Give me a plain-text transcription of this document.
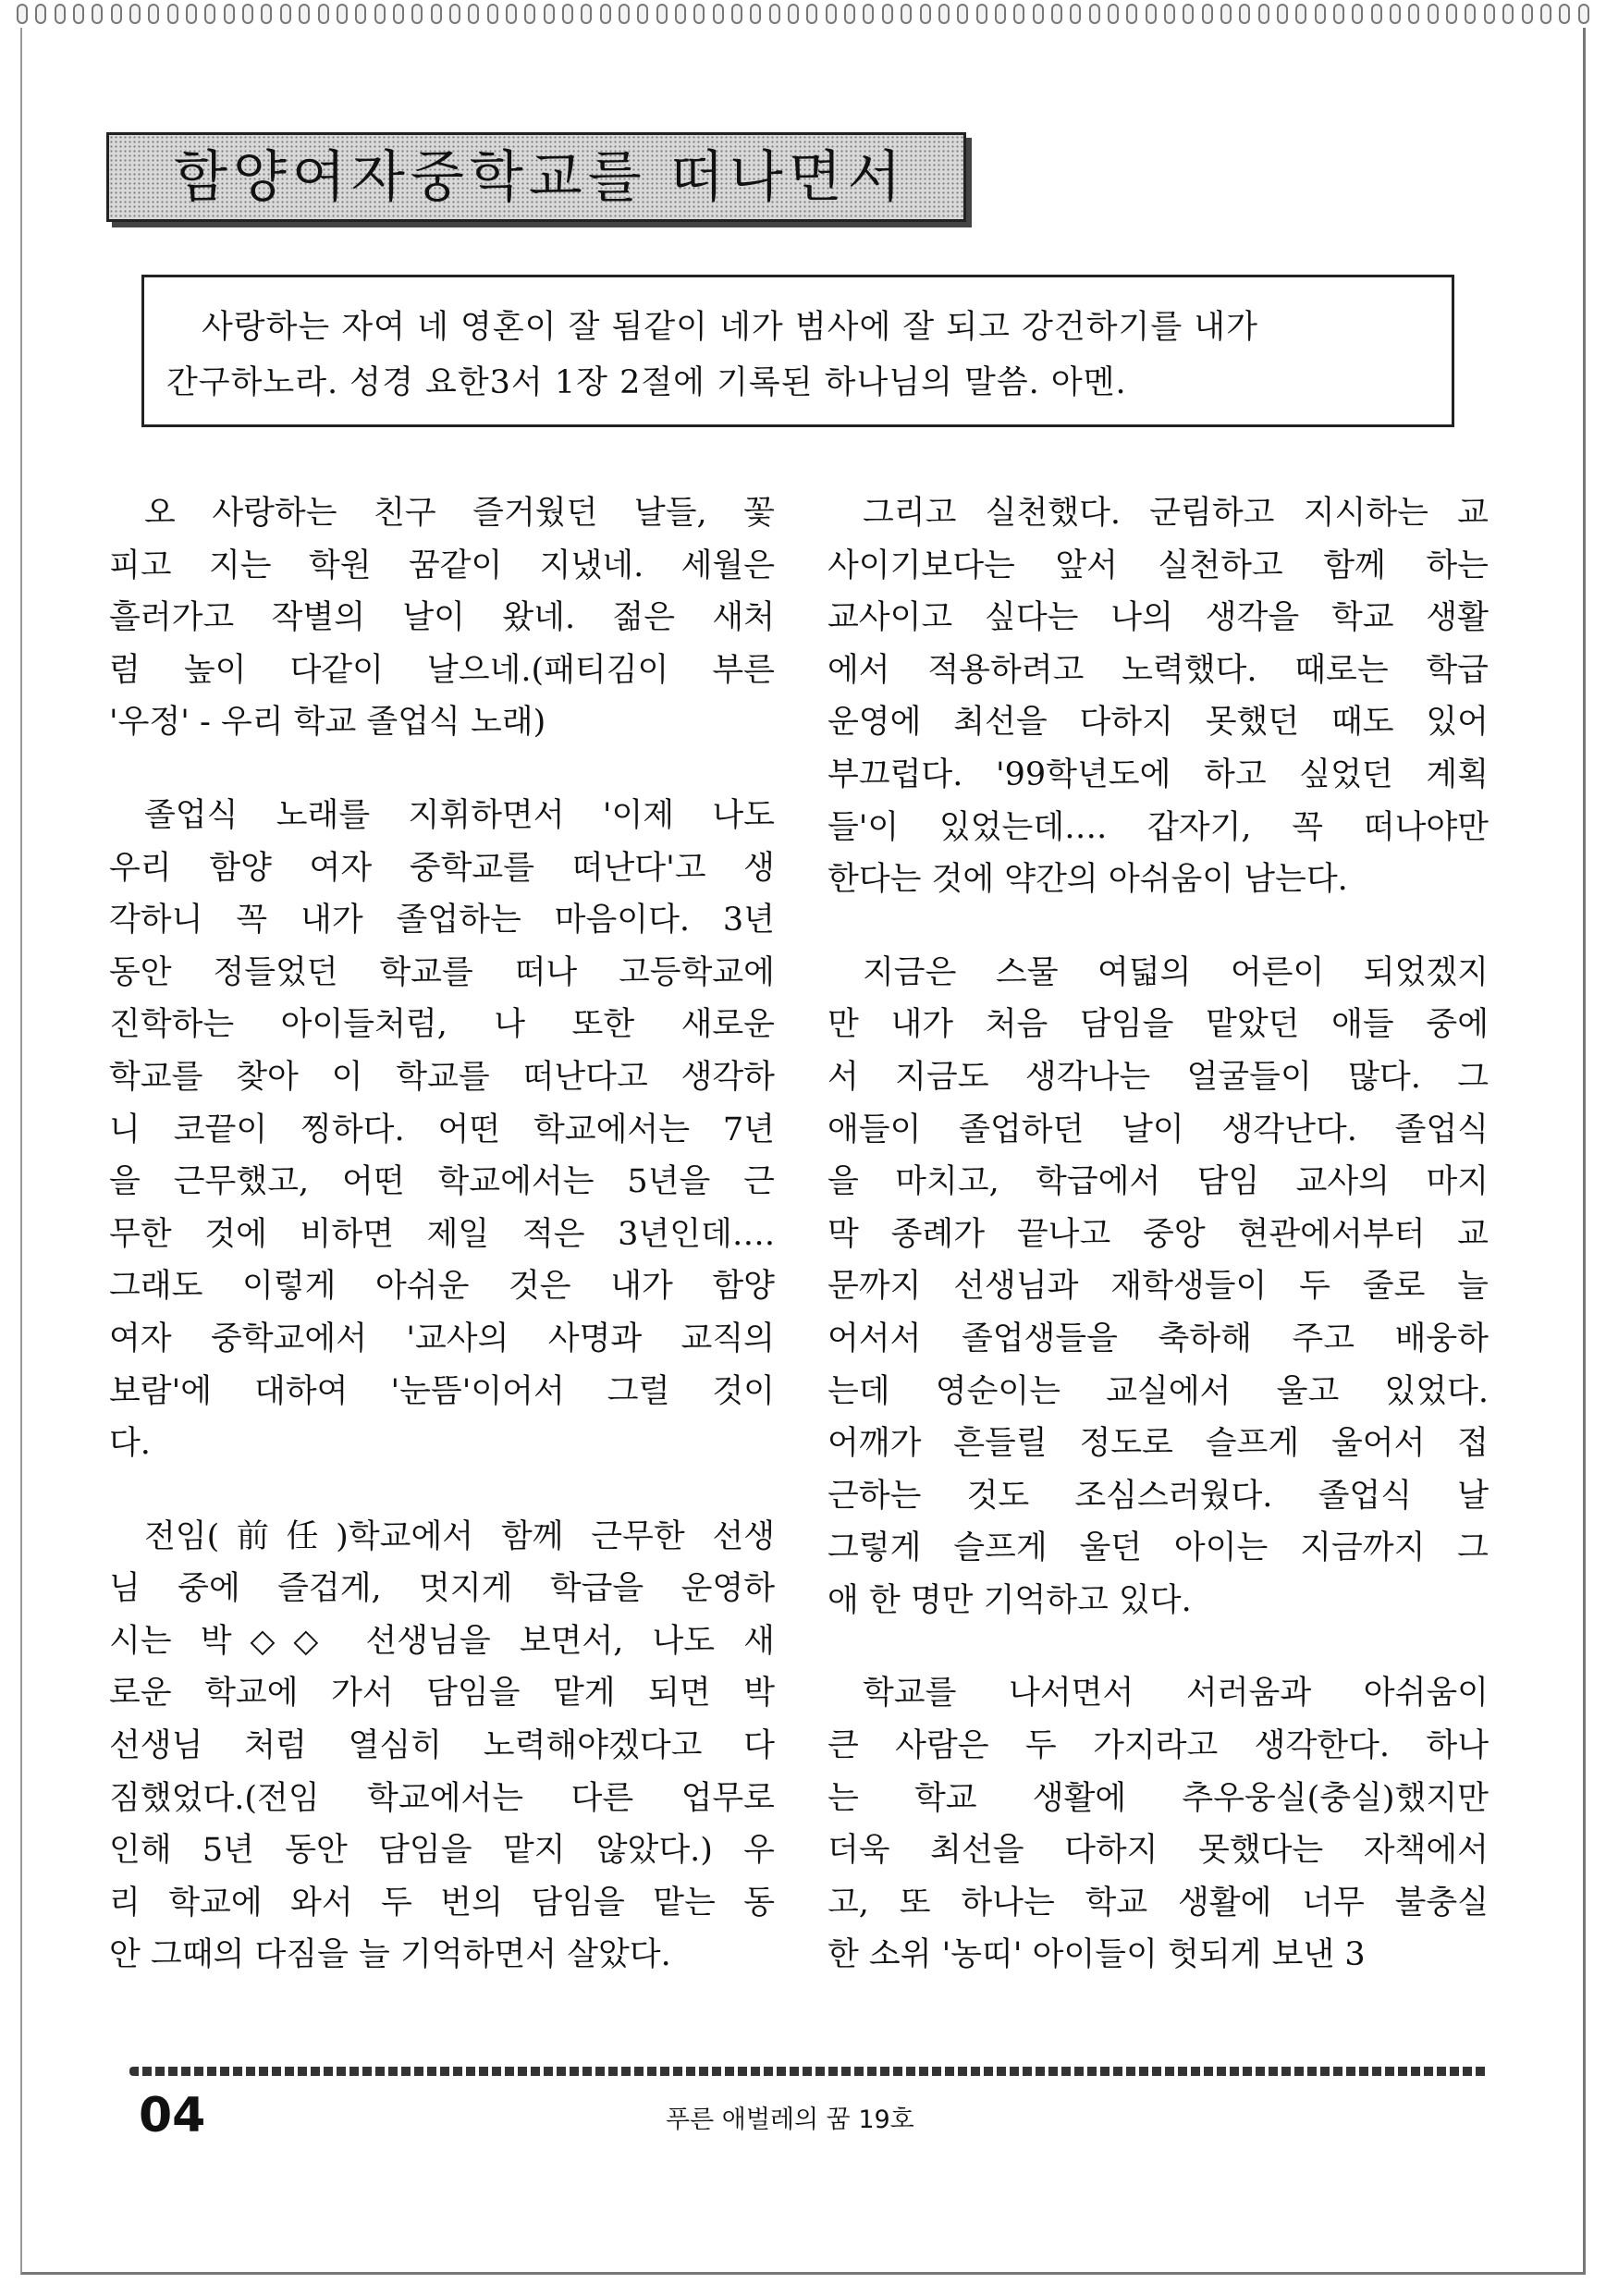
함양여자중학교를 떠나면서
사랑하는 자여 네 영혼이 잘 됨같이 네가 범사에 잘 되고 강건하기를 내가
간구하노라. 성경 요한3서 1장 2절에 기록된 하나님의 말씀. 아멘.
오 사랑하는 친구 즐거웠던 날들, 꽃
피고 지는 학원 꿈같이 지냈네. 세월은
흘러가고 작별의 날이 왔네. 젊은 새처
럼 높이 다같이 날으네.(패티김이 부른
'우정' - 우리 학교 졸업식 노래)
졸업식 노래를 지휘하면서 '이제 나도
우리 함양 여자 중학교를 떠난다'고 생
각하니 꼭 내가 졸업하는 마음이다. 3년
동안 정들었던 학교를 떠나 고등학교에
진학하는 아이들처럼, 나 또한 새로운
학교를 찾아 이 학교를 떠난다고 생각하
니 코끝이 찡하다. 어떤 학교에서는 7년
을 근무했고, 어떤 학교에서는 5년을 근
무한 것에 비하면 제일 적은 3년인데….
그래도 이렇게 아쉬운 것은 내가 함양
여자 중학교에서 '교사의 사명과 교직의
보람'에 대하여 '눈뜸'이어서 그럴 것이
다.
전임(前任)학교에서 함께 근무한 선생
님 중에 즐겁게, 멋지게 학급을 운영하
시는 박◇◇ 선생님을 보면서, 나도 새
로운 학교에 가서 담임을 맡게 되면 박
선생님 처럼 열심히 노력해야겠다고 다
짐했었다.(전임 학교에서는 다른 업무로
인해 5년 동안 담임을 맡지 않았다.) 우
리 학교에 와서 두 번의 담임을 맡는 동
안 그때의 다짐을 늘 기억하면서 살았다.
그리고 실천했다. 군림하고 지시하는 교
사이기보다는 앞서 실천하고 함께 하는
교사이고 싶다는 나의 생각을 학교 생활
에서 적용하려고 노력했다. 때로는 학급
운영에 최선을 다하지 못했던 때도 있어
부끄럽다. '99학년도에 하고 싶었던 계획
들'이 있었는데…. 갑자기, 꼭 떠나야만
한다는 것에 약간의 아쉬움이 남는다.
지금은 스물 여덟의 어른이 되었겠지
만 내가 처음 담임을 맡았던 애들 중에
서 지금도 생각나는 얼굴들이 많다. 그
애들이 졸업하던 날이 생각난다. 졸업식
을 마치고, 학급에서 담임 교사의 마지
막 종례가 끝나고 중앙 현관에서부터 교
문까지 선생님과 재학생들이 두 줄로 늘
어서서 졸업생들을 축하해 주고 배웅하
는데 영순이는 교실에서 울고 있었다.
어깨가 흔들릴 정도로 슬프게 울어서 접
근하는 것도 조심스러웠다. 졸업식 날
그렇게 슬프게 울던 아이는 지금까지 그
애 한 명만 기억하고 있다.
학교를 나서면서 서러움과 아쉬움이
큰 사람은 두 가지라고 생각한다. 하나
는 학교 생활에 추우웅실(충실)했지만
더욱 최선을 다하지 못했다는 자책에서
고, 또 하나는 학교 생활에 너무 불충실
한 소위 '농띠' 아이들이 헛되게 보낸 3
04	푸른 애벌레의 꿈 19호
